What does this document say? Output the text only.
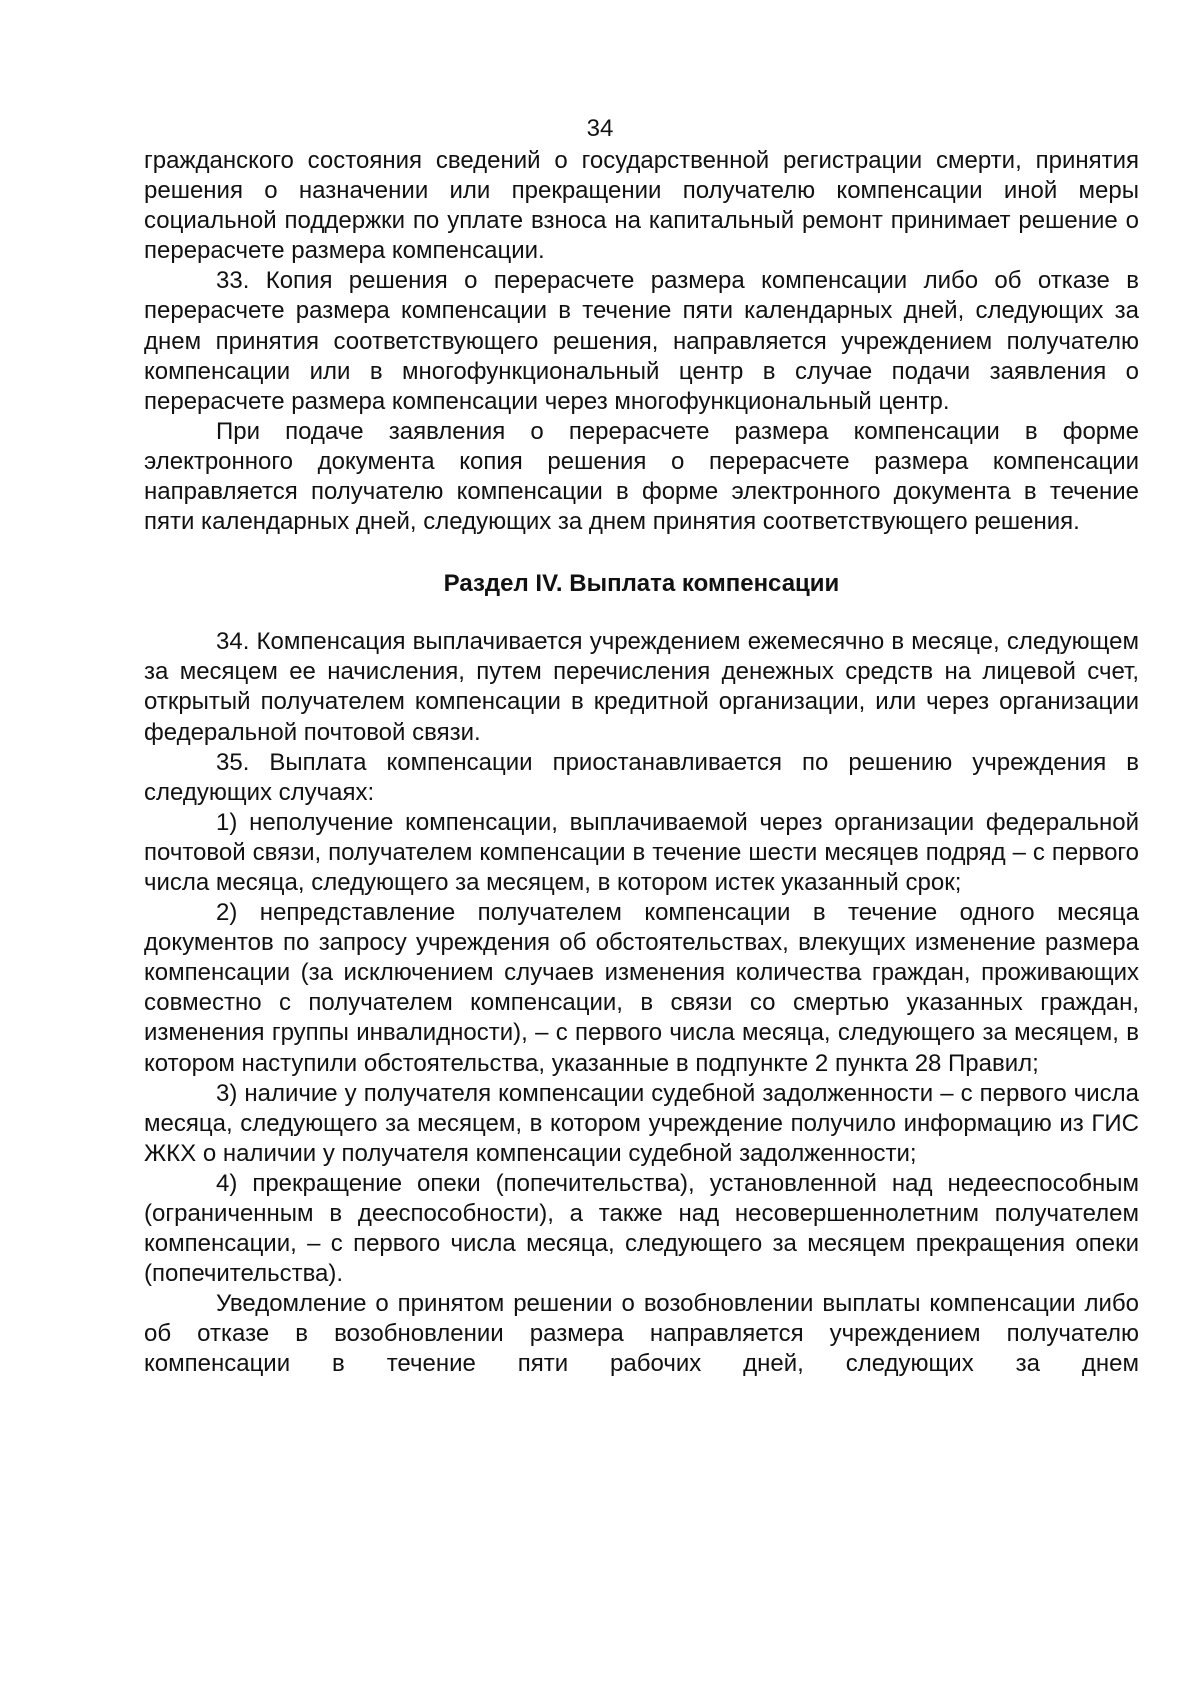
34

гражданского состояния сведений о государственной регистрации смерти, принятия решения о назначении или прекращении получателю компенсации иной меры социальной поддержки по уплате взноса на капитальный ремонт принимает решение о перерасчете размера компенсации.

33. Копия решения о перерасчете размера компенсации либо об отказе в перерасчете размера компенсации в течение пяти календарных дней, следующих за днем принятия соответствующего решения, направляется учреждением получателю компенсации или в многофункциональный центр в случае подачи заявления о перерасчете размера компенсации через многофункциональный центр.

При подаче заявления о перерасчете размера компенсации в форме электронного документа копия решения о перерасчете размера компенсации направляется получателю компенсации в форме электронного документа в течение пяти календарных дней, следующих за днем принятия соответствующего решения.

Раздел IV. Выплата компенсации

34. Компенсация выплачивается учреждением ежемесячно в месяце, следующем за месяцем ее начисления, путем перечисления денежных средств на лицевой счет, открытый получателем компенсации в кредитной организации, или через организации федеральной почтовой связи.

35. Выплата компенсации приостанавливается по решению учреждения в следующих случаях:

1) неполучение компенсации, выплачиваемой через организации федеральной почтовой связи, получателем компенсации в течение шести месяцев подряд – с первого числа месяца, следующего за месяцем, в котором истек указанный срок;

2) непредставление получателем компенсации в течение одного месяца документов по запросу учреждения об обстоятельствах, влекущих изменение размера компенсации (за исключением случаев изменения количества граждан, проживающих совместно с получателем компенсации, в связи со смертью указанных граждан, изменения группы инвалидности), – с первого числа месяца, следующего за месяцем, в котором наступили обстоятельства, указанные в подпункте 2 пункта 28 Правил;

3) наличие у получателя компенсации судебной задолженности – с первого числа месяца, следующего за месяцем, в котором учреждение получило информацию из ГИС ЖКХ о наличии у получателя компенсации судебной задолженности;

4) прекращение опеки (попечительства), установленной над недееспособным (ограниченным в дееспособности), а также над несовершеннолетним получателем компенсации, – с первого числа месяца, следующего за месяцем прекращения опеки (попечительства).

Уведомление о принятом решении о возобновлении выплаты компенсации либо об отказе в возобновлении размера направляется учреждением получателю компенсации в течение пяти рабочих дней, следующих за днем
